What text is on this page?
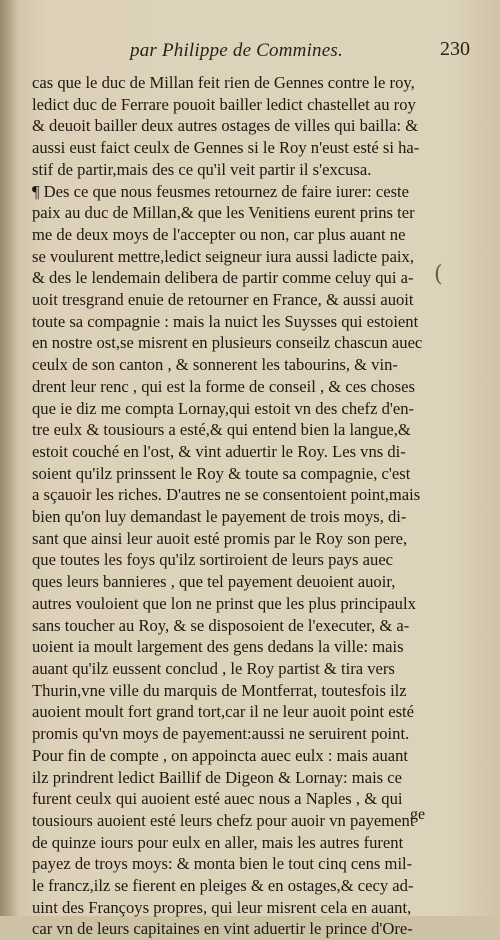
par Philippe de Commines.	230
cas que le duc de Millan feit rien de Gennes contre le roy,
ledict duc de Ferrare pouoit bailler ledict chastellet au roy
& deuoit bailler deux autres ostages de villes qui bailla: &
aussi eust faict ceulx de Gennes si le Roy n'eust esté si ha-
stif de partir,mais des ce qu'il veit partir il s'excusa.
¶ Des ce que nous feusmes retournez de faire iurer: ceste
paix au duc de Millan,& que les Venitiens eurent prins ter
me de deux moys de l'accepter ou non, car plus auant ne
se voulurent mettre,ledict seigneur iura aussi ladicte paix,
& des le lendemain delibera de partir comme celuy qui a-
uoit tresgrand enuie de retourner en France, & aussi auoit
toute sa compagnie : mais la nuict les Suysses qui estoient
en nostre ost,se misrent en plusieurs conseilz chascun auec
ceulx de son canton , & sonnerent les tabourins, & vin-
drent leur renc , qui est la forme de conseil , & ces choses
que ie diz me compta Lornay,qui estoit vn des chefz d'en-
tre eulx & tousiours a esté,& qui entend bien la langue,&
estoit couché en l'ost, & vint aduertir le Roy. Les vns di-
soient qu'ilz prinssent le Roy & toute sa compagnie, c'est
a sçauoir les riches. D'autres ne se consentoient point,mais
bien qu'on luy demandast le payement de trois moys, di-
sant que ainsi leur auoit esté promis par le Roy son pere,
que toutes les foys qu'ilz sortiroient de leurs pays auec
ques leurs bannieres , que tel payement deuoient auoir,
autres vouloient que lon ne prinst que les plus principaulx
sans toucher au Roy, & se disposoient de l'executer, & a-
uoient ia moult largement des gens dedans la ville: mais
auant qu'ilz eussent conclud , le Roy partist & tira vers
Thurin,vne ville du marquis de Montferrat, toutesfois ilz
auoient moult fort grand tort,car il ne leur auoit point esté
promis qu'vn moys de payement:aussi ne seruirent point.
Pour fin de compte , on appoincta auec eulx : mais auant
ilz prindrent ledict Baillif de Digeon & Lornay: mais ce
furent ceulx qui auoient esté auec nous a Naples , & qui
tousiours auoient esté leurs chefz pour auoir vn payement
de quinze iours pour eulx en aller, mais les autres furent
payez de troys moys: & monta bien le tout cinq cens mil-
le francz,ilz se fierent en pleiges & en ostages,& cecy ad-
uint des Françoys propres, qui leur misrent cela en auant,
car vn de leurs capitaines en vint aduertir le prince d'Ore-
(
ge
